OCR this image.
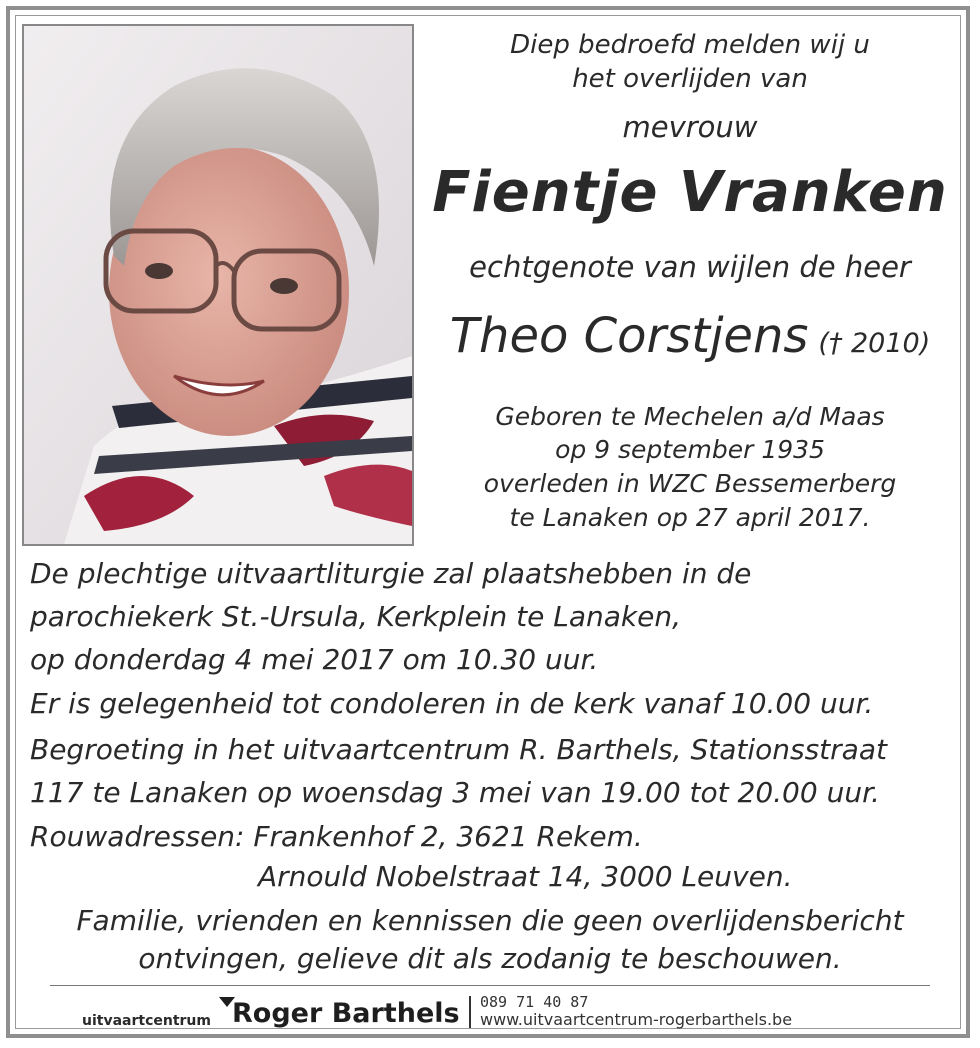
Diep bedroefd melden wij u
het overlijden van
mevrouw
Fientje Vranken
echtgenote van wijlen de heer
Theo Corstjens († 2010)
Geboren te Mechelen a/d Maas
op 9 september 1935
overleden in WZC Bessemerberg
te Lanaken op 27 april 2017.
De plechtige uitvaartliturgie zal plaatshebben in de
parochiekerk St.-Ursula, Kerkplein te Lanaken,
op donderdag 4 mei 2017 om 10.30 uur.
Er is gelegenheid tot condoleren in de kerk vanaf 10.00 uur.
Begroeting in het uitvaartcentrum R. Barthels, Stationsstraat
117 te Lanaken op woensdag 3 mei van 19.00 tot 20.00 uur.
Rouwadressen: Frankenhof 2, 3621 Rekem.
Arnould Nobelstraat 14, 3000 Leuven.
Familie, vrienden en kennissen die geen overlijdensbericht
ontvingen, gelieve dit als zodanig te beschouwen.
uitvaartcentrum Roger Barthels 089 71 40 87
www.uitvaartcentrum-rogerbarthels.be
